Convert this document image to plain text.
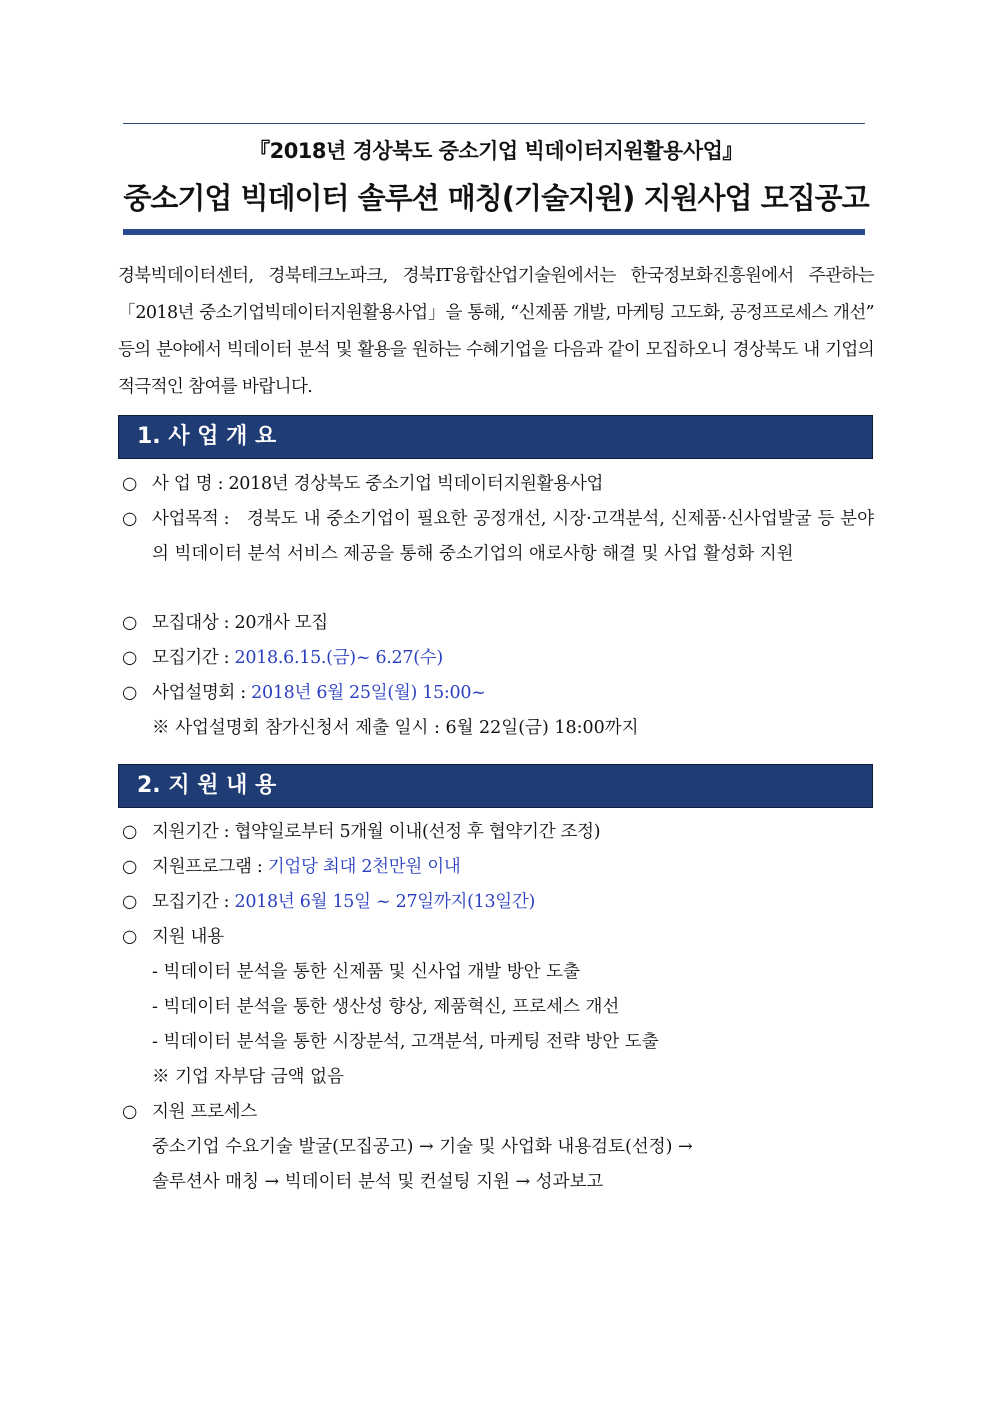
『2018년 경상북도 중소기업 빅데이터지원활용사업』
중소기업 빅데이터 솔루션 매칭(기술지원) 지원사업 모집공고
경북빅데이터센터, 경북테크노파크, 경북IT융합산업기술원에서는 한국정보화진흥원에서 주관하는 「2018년 중소기업빅데이터지원활용사업」을 통해, “신제품 개발, 마케팅 고도화, 공정프로세스 개선” 등의 분야에서 빅데이터 분석 및 활용을 원하는 수혜기업을 다음과 같이 모집하오니 경상북도 내 기업의 적극적인 참여를 바랍니다.
1. 사 업 개 요
○ 사 업 명 : 2018년 경상북도 중소기업 빅데이터지원활용사업
○ 사업목적 :	경북도 내 중소기업이 필요한 공정개선, 시장·고객분석, 신제품·신사업발굴 등 분야의 빅데이터 분석 서비스 제공을 통해 중소기업의 애로사항 해결 및 사업 활성화 지원
○ 모집대상 : 20개사 모집
○ 모집기간 : 2018.6.15.(금)~ 6.27(수)
○ 사업설명회 : 2018년 6월 25일(월) 15:00~
※ 사업설명회 참가신청서 제출 일시 : 6월 22일(금) 18:00까지
2. 지 원 내 용
○ 지원기간 : 협약일로부터 5개월 이내(선정 후 협약기간 조정)
○ 지원프로그램 : 기업당 최대 2천만원 이내
○ 모집기간 : 2018년 6월 15일 ~ 27일까지(13일간)
○ 지원 내용
- 빅데이터 분석을 통한 신제품 및 신사업 개발 방안 도출
- 빅데이터 분석을 통한 생산성 향상, 제품혁신, 프로세스 개선
- 빅데이터 분석을 통한 시장분석, 고객분석, 마케팅 전략 방안 도출
※ 기업 자부담 금액 없음
○ 지원 프로세스
중소기업 수요기술 발굴(모집공고) → 기술 및 사업화 내용검토(선정) →
솔루션사 매칭 → 빅데이터 분석 및 컨설팅 지원 → 성과보고
